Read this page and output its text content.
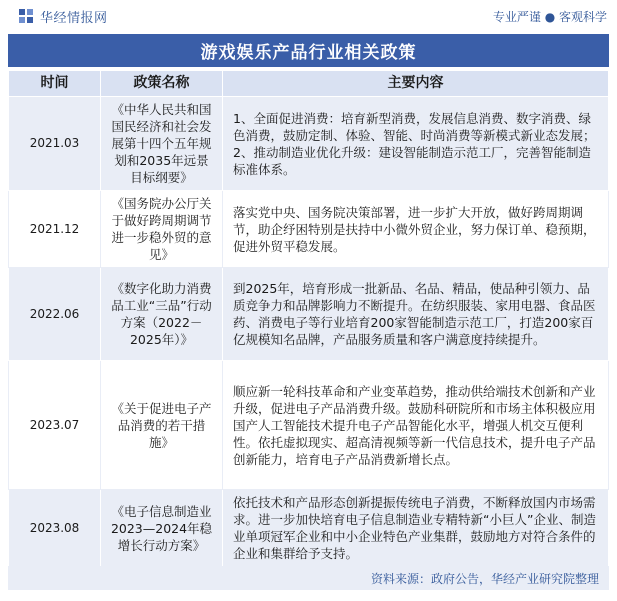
华经情报网	专业严谨 ● 客观科学
游戏娱乐产品行业相关政策
时间	政策名称	主要内容
2021.03	《中华人民共和国国民经济和社会发展第十四个五年规划和2035年远景目标纲要》	1、全面促进消费：培育新型消费，发展信息消费、数字消费、绿色消费，鼓励定制、体验、智能、时尚消费等新模式新业态发展；2、推动制造业优化升级：建设智能制造示范工厂，完善智能制造标准体系。
2021.12	《国务院办公厅关于做好跨周期调节进一步稳外贸的意见》	落实党中央、国务院决策部署，进一步扩大开放，做好跨周期调节，助企纾困特别是扶持中小微外贸企业，努力保订单、稳预期，促进外贸平稳发展。
2022.06	《数字化助力消费品工业“三品”行动方案（2022－2025年）》	到2025年，培育形成一批新品、名品、精品，使品种引领力、品质竞争力和品牌影响力不断提升。在纺织服装、家用电器、食品医药、消费电子等行业培育200家智能制造示范工厂，打造200家百亿规模知名品牌，产品服务质量和客户满意度持续提升。
2023.07	《关于促进电子产品消费的若干措施》	顺应新一轮科技革命和产业变革趋势，推动供给端技术创新和产业升级，促进电子产品消费升级。鼓励科研院所和市场主体积极应用国产人工智能技术提升电子产品智能化水平，增强人机交互便利性。依托虚拟现实、超高清视频等新一代信息技术，提升电子产品创新能力，培育电子产品消费新增长点。
2023.08	《电子信息制造业2023—2024年稳增长行动方案》	依托技术和产品形态创新提振传统电子消费，不断释放国内市场需求。进一步加快培育电子信息制造业专精特新“小巨人”企业、制造业单项冠军企业和中小企业特色产业集群，鼓励地方对符合条件的企业和集群给予支持。
资料来源：政府公告，华经产业研究院整理
